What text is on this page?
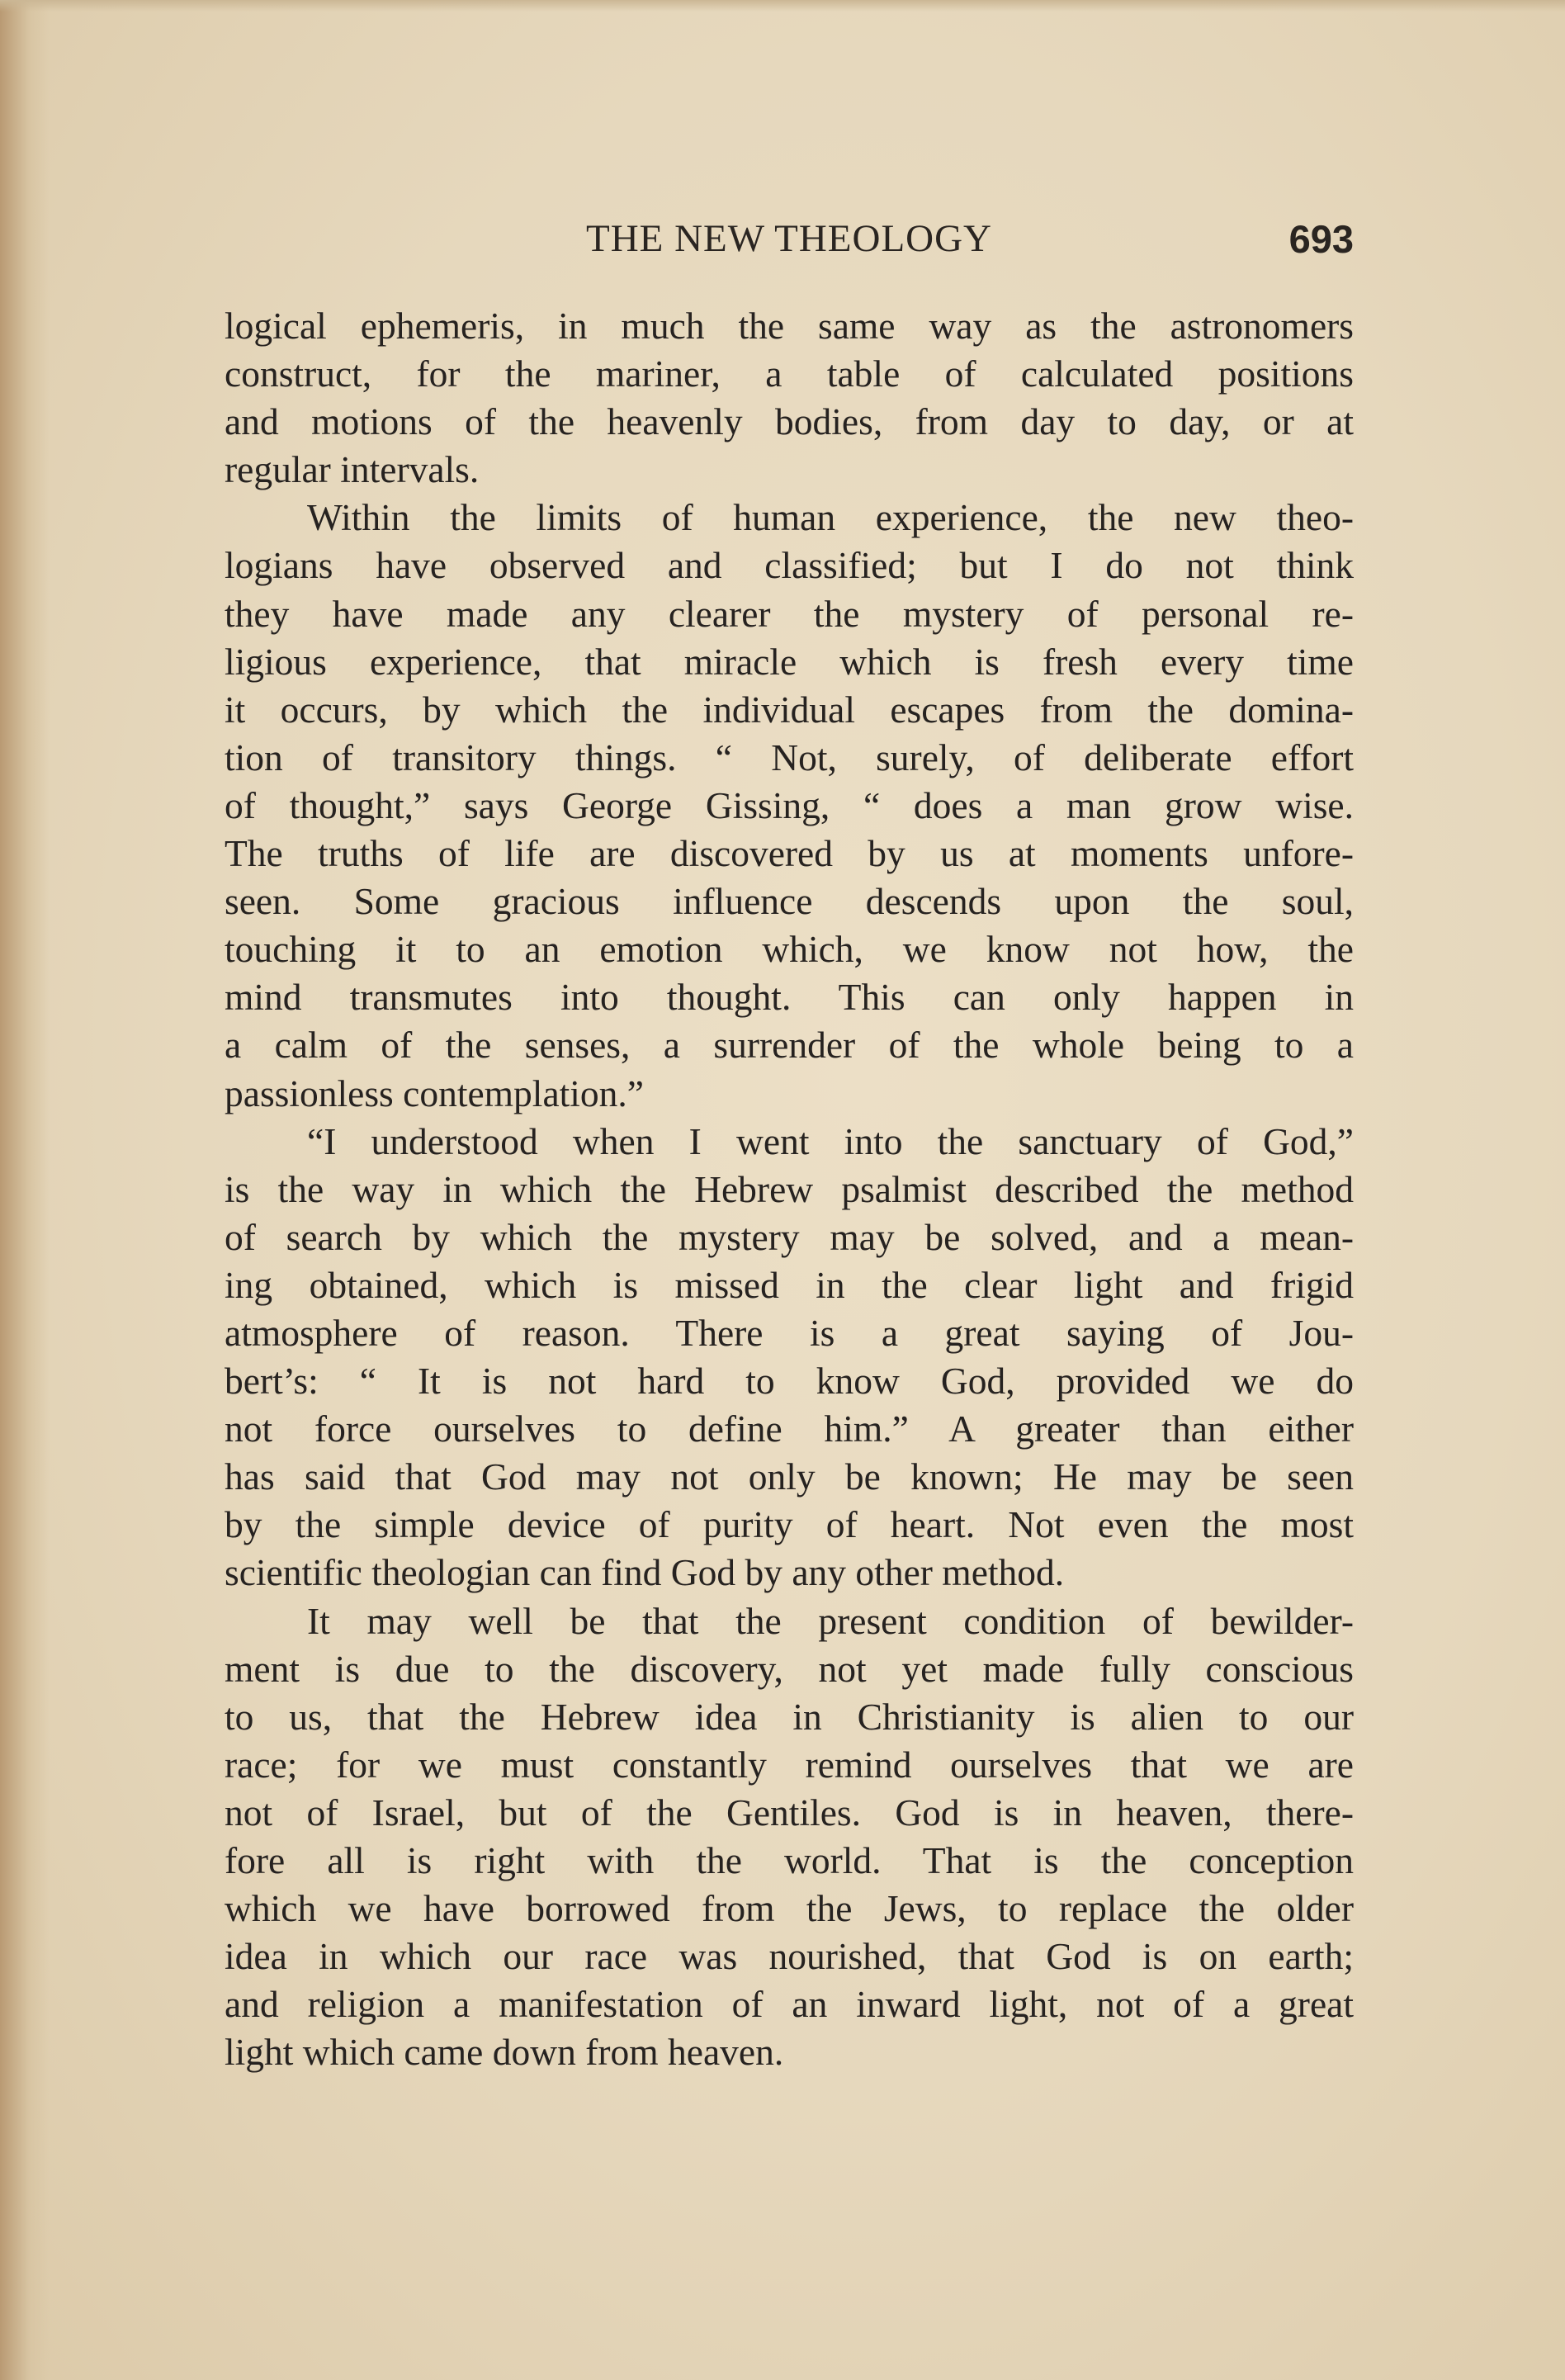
THE NEW THEOLOGY	693
logical ephemeris, in much the same way as the astronomers
construct, for the mariner, a table of calculated positions
and motions of the heavenly bodies, from day to day, or at
regular intervals.
Within the limits of human experience, the new theo-
logians have observed and classified; but I do not think
they have made any clearer the mystery of personal re-
ligious experience, that miracle which is fresh every time
it occurs, by which the individual escapes from the domina-
tion of transitory things. “ Not, surely, of deliberate effort
of thought,” says George Gissing, “ does a man grow wise.
The truths of life are discovered by us at moments unfore-
seen. Some gracious influence descends upon the soul,
touching it to an emotion which, we know not how, the
mind transmutes into thought. This can only happen in
a calm of the senses, a surrender of the whole being to a
passionless contemplation.”
“I understood when I went into the sanctuary of God,”
is the way in which the Hebrew psalmist described the method
of search by which the mystery may be solved, and a mean-
ing obtained, which is missed in the clear light and frigid
atmosphere of reason. There is a great saying of Jou-
bert’s: “ It is not hard to know God, provided we do
not force ourselves to define him.” A greater than either
has said that God may not only be known; He may be seen
by the simple device of purity of heart. Not even the most
scientific theologian can find God by any other method.
It may well be that the present condition of bewilder-
ment is due to the discovery, not yet made fully conscious
to us, that the Hebrew idea in Christianity is alien to our
race; for we must constantly remind ourselves that we are
not of Israel, but of the Gentiles. God is in heaven, there-
fore all is right with the world. That is the conception
which we have borrowed from the Jews, to replace the older
idea in which our race was nourished, that God is on earth;
and religion a manifestation of an inward light, not of a great
light which came down from heaven.
